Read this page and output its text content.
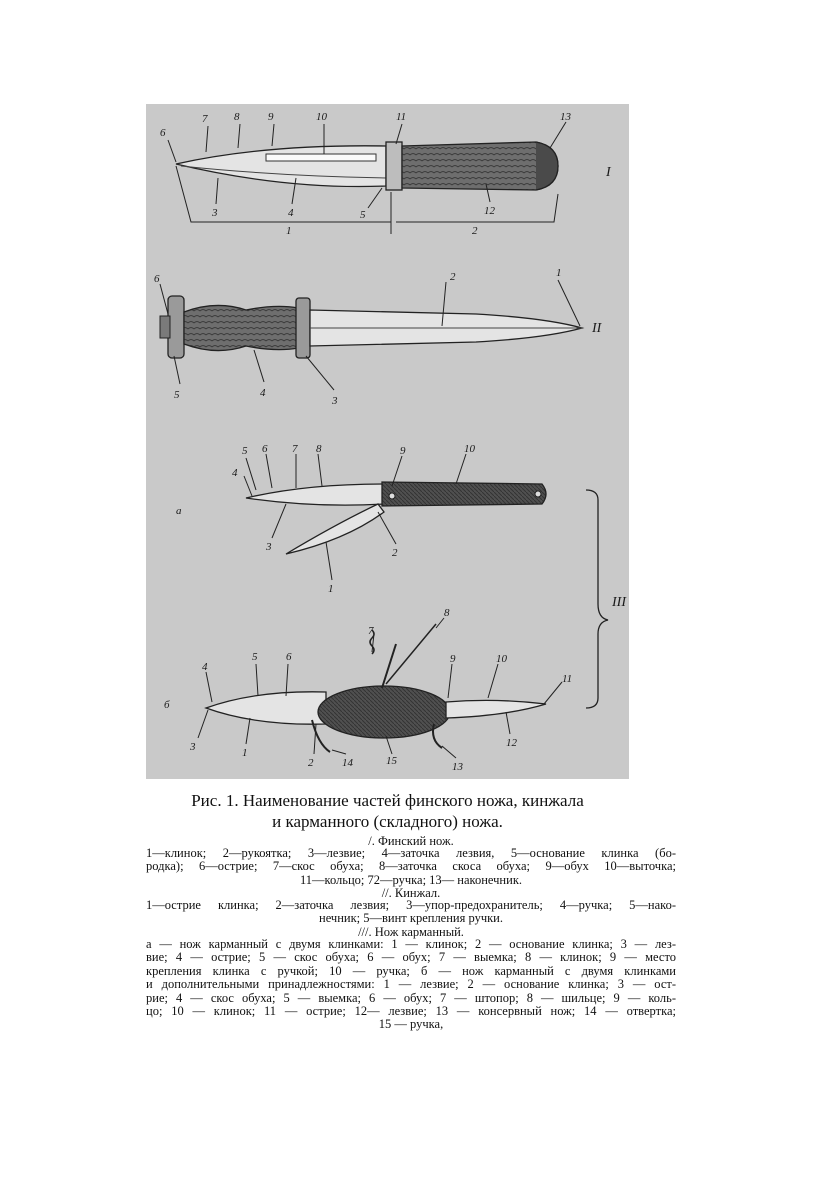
6
7 8	9	10	11	13
3	4	5	12
1	2
I
6
5	4
3
2	1
II
a
4
5 6 7 8	9	10
3	2
1
III
б
4
5	6
7
8
9	10
11
3	1
2	14	15	13
12
Рис. 1. Наименование частей финского ножа, кинжала
и карманного (складного) ножа.
/. Финский нож.
1—клинок; 2—рукоятка; 3—лезвие; 4—заточка лезвия, 5—основание клинка (бо-
родка); 6—острие; 7—скос обуха; 8—заточка скоса обуха; 9—обух 10—выточка;
11—кольцо; 72—ручка; 13— наконечник.
//. Кинжал.
1—острие клинка; 2—заточка лезвия; 3—упор-предохранитель; 4—ручка; 5—нако-
нечник; 5—винт крепления ручки.
///. Нож карманный.
а — нож карманный с двумя клинками: 1 — клинок; 2 — основание клинка; 3 — лез-
вие; 4 — острие; 5 — скос обуха; 6 — обух; 7 — выемка; 8 — клинок; 9 — место
крепления клинка с ручкой; 10 — ручка; б — нож карманный с двумя клинками
и дополнительными принадлежностями: 1 — лезвие; 2 — основание клинка; 3 — ост-
рие; 4 — скос обуха; 5 — выемка; 6 — обух; 7 — штопор; 8 — шильце; 9 — коль-
цо; 10 — клинок; 11 — острие; 12— лезвие; 13 — консервный нож; 14 — отвертка;
15 — ручка,
